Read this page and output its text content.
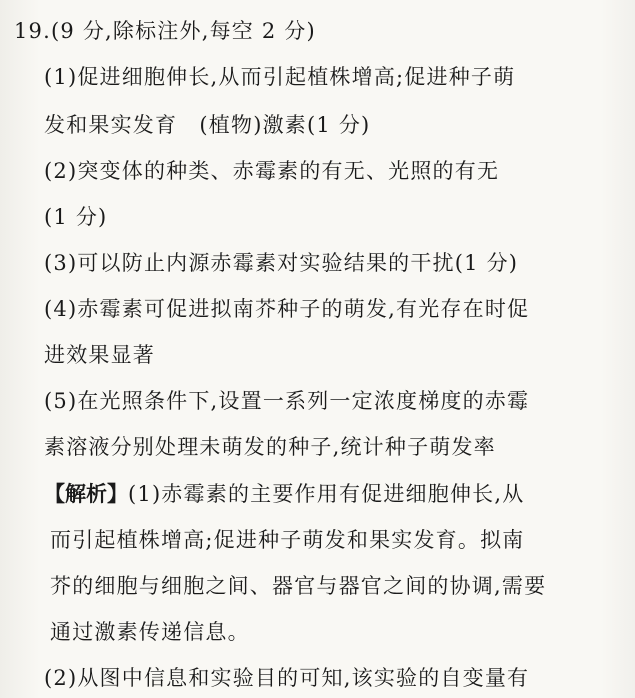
19.(9 分,除标注外,每空 2 分)
(1)促进细胞伸长,从而引起植株增高;促进种子萌
发和果实发育　(植物)激素(1 分)
(2)突变体的种类、赤霉素的有无、光照的有无
(1 分)
(3)可以防止内源赤霉素对实验结果的干扰(1 分)
(4)赤霉素可促进拟南芥种子的萌发,有光存在时促
进效果显著
(5)在光照条件下,设置一系列一定浓度梯度的赤霉
素溶液分别处理未萌发的种子,统计种子萌发率
【解析】(1)赤霉素的主要作用有促进细胞伸长,从
而引起植株增高;促进种子萌发和果实发育。拟南
芥的细胞与细胞之间、器官与器官之间的协调,需要
通过激素传递信息。
(2)从图中信息和实验目的可知,该实验的自变量有
